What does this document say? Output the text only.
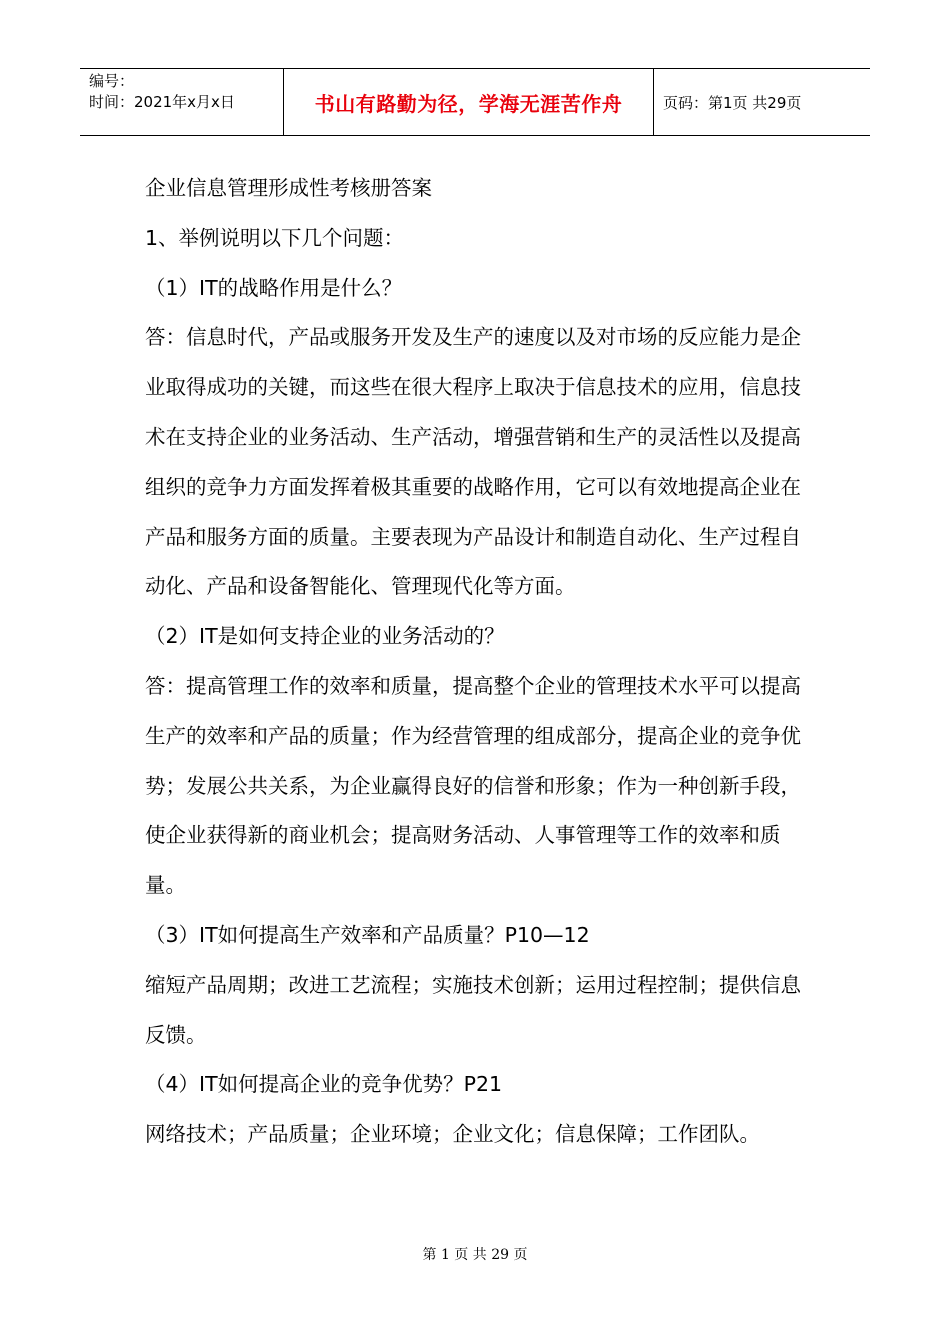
编号：
时间：2021年x月x日	书山有路勤为径，学海无涯苦作舟	页码：第1页 共29页

企业信息管理形成性考核册答案

1、举例说明以下几个问题：

（1）IT的战略作用是什么？

答：信息时代，产品或服务开发及生产的速度以及对市场的反应能力是企业取得成功的关键，而这些在很大程序上取决于信息技术的应用，信息技术在支持企业的业务活动、生产活动，增强营销和生产的灵活性以及提高组织的竞争力方面发挥着极其重要的战略作用，它可以有效地提高企业在产品和服务方面的质量。主要表现为产品设计和制造自动化、生产过程自动化、产品和设备智能化、管理现代化等方面。

（2）IT是如何支持企业的业务活动的？

答：提高管理工作的效率和质量，提高整个企业的管理技术水平可以提高生产的效率和产品的质量；作为经营管理的组成部分，提高企业的竞争优势；发展公共关系，为企业赢得良好的信誉和形象；作为一种创新手段，使企业获得新的商业机会；提高财务活动、人事管理等工作的效率和质量。

（3）IT如何提高生产效率和产品质量？P10—12

缩短产品周期；改进工艺流程；实施技术创新；运用过程控制；提供信息反馈。

（4）IT如何提高企业的竞争优势？P21

网络技术；产品质量；企业环境；企业文化；信息保障；工作团队。

第 1 页 共 29 页
